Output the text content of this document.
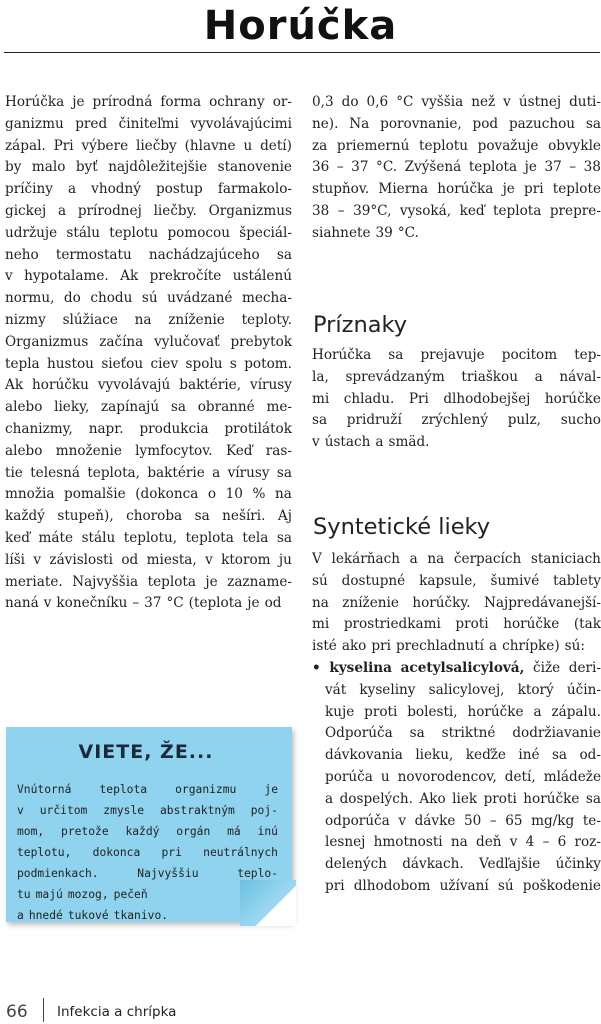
Horúčka
Horúčka je prírodná forma ochrany or-
ganizmu pred činiteľmi vyvolávajúcimi
zápal. Pri výbere liečby (hlavne u detí)
by malo byť najdôležitejšie stanovenie
príčiny a vhodný postup farmakolo-
gickej a prírodnej liečby. Organizmus
udržuje stálu teplotu pomocou špeciál-
neho termostatu nachádzajúceho sa
v hypotalame. Ak prekročíte ustálenú
normu, do chodu sú uvádzané mecha-
nizmy slúžiace na zníženie teploty.
Organizmus začína vylučovať prebytok
tepla hustou sieťou ciev spolu s potom.
Ak horúčku vyvolávajú baktérie, vírusy
alebo lieky, zapínajú sa obranné me-
chanizmy, napr. produkcia protilátok
alebo množenie lymfocytov. Keď ras-
tie telesná teplota, baktérie a vírusy sa
množia pomalšie (dokonca o 10 % na
každý stupeň), choroba sa nešíri. Aj
keď máte stálu teplotu, teplota tela sa
líši v závislosti od miesta, v ktorom ju
meriate. Najvyššia teplota je zazname-
naná v konečníku – 37 °C (teplota je od
0,3 do 0,6 °C vyššia než v ústnej duti-
ne). Na porovnanie, pod pazuchou sa
za priemernú teplotu považuje obvykle
36 – 37 °C. Zvýšená teplota je 37 – 38
stupňov. Mierna horúčka je pri teplote
38 – 39°C, vysoká, keď teplota prepre-
siahnete 39 °C.
Príznaky
Horúčka sa prejavuje pocitom tep-
la, sprevádzaným triaškou a nával-
mi chladu. Pri dlhodobejšej horúčke
sa pridruží zrýchlený pulz, sucho
v ústach a smäd.
Syntetické lieky
V lekárňach a na čerpacích staniciach
sú dostupné kapsule, šumivé tablety
na zníženie horúčky. Najpredávanejší-
mi prostriedkami proti horúčke (tak
isté ako pri prechladnutí a chrípke) sú:
• kyselina acetylsalicylová, čiže deri-
vát kyseliny salicylovej, ktorý účin-
kuje proti bolesti, horúčke a zápalu.
Odporúča sa striktné dodržiavanie
dávkovania lieku, keďže iné sa od-
porúča u novorodencov, detí, mládeže
a dospelých. Ako liek proti horúčke sa
odporúča v dávke 50 – 65 mg/kg te-
lesnej hmotnosti na deň v 4 – 6 roz-
delených dávkach. Vedľajšie účinky
pri dlhodobom užívaní sú poškodenie
VIETE, ŽE...
Vnútorná teplota organizmu je
v určitom zmysle abstraktným poj-
mom, pretože každý orgán má inú
teplotu, dokonca pri neutrálnych
podmienkach.	Najvyššiu	teplo-
tu majú mozog, pečeň
a hnedé tukové tkanivo.
66 Infekcia a chrípka
